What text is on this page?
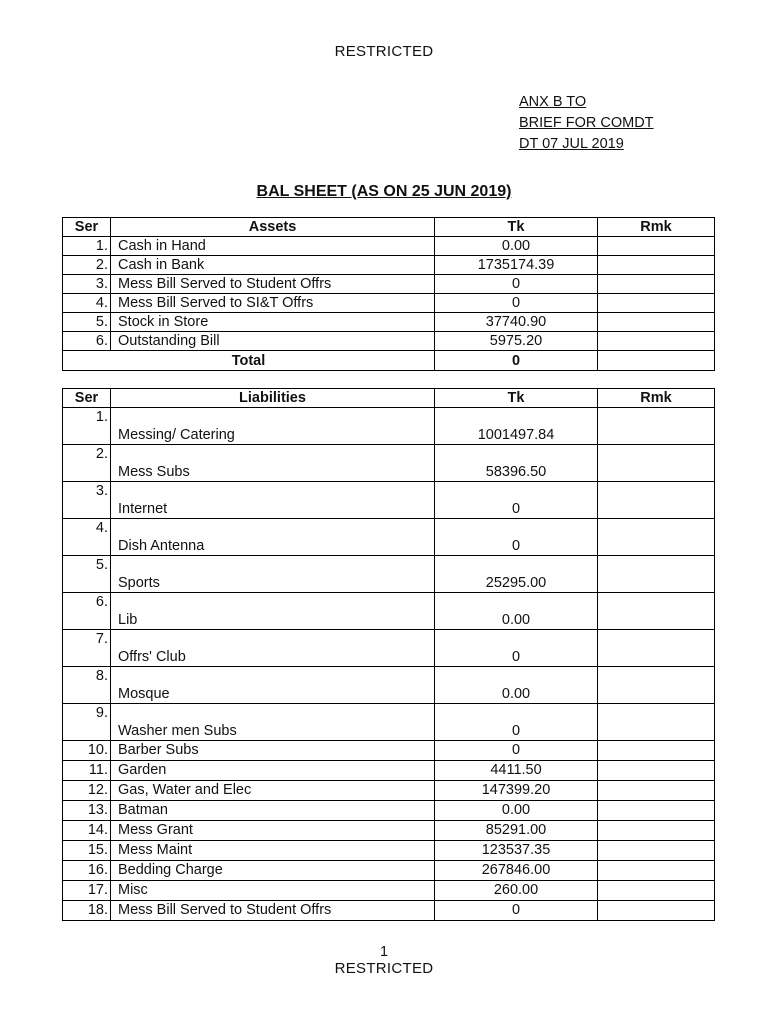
RESTRICTED
ANX B TO
BRIEF FOR COMDT
DT 07 JUL 2019
BAL SHEET (AS ON 25 JUN 2019)
Ser	Assets	Tk	Rmk
1.	Cash in Hand	0.00	
2.	Cash in Bank	1735174.39	
3.	Mess Bill Served to Student Offrs	0	
4.	Mess Bill Served to SI&T Offrs	0	
5.	Stock in Store	37740.90	
6.	Outstanding Bill	5975.20	
Total		0	
Ser	Liabilities	Tk	Rmk
1.	Messing/ Catering	1001497.84	
2.	Mess Subs	58396.50	
3.	Internet	0	
4.	Dish Antenna	0	
5.	Sports	25295.00	
6.	Lib	0.00	
7.	Offrs' Club	0	
8.	Mosque	0.00	
9.	Washer men Subs	0	
10.	Barber Subs	0	
11.	Garden	4411.50	
12.	Gas, Water and Elec	147399.20	
13.	Batman	0.00	
14.	Mess Grant	85291.00	
15.	Mess Maint	123537.35	
16.	Bedding Charge	267846.00	
17.	Misc	260.00	
18.	Mess Bill Served to Student Offrs	0	
1
RESTRICTED
